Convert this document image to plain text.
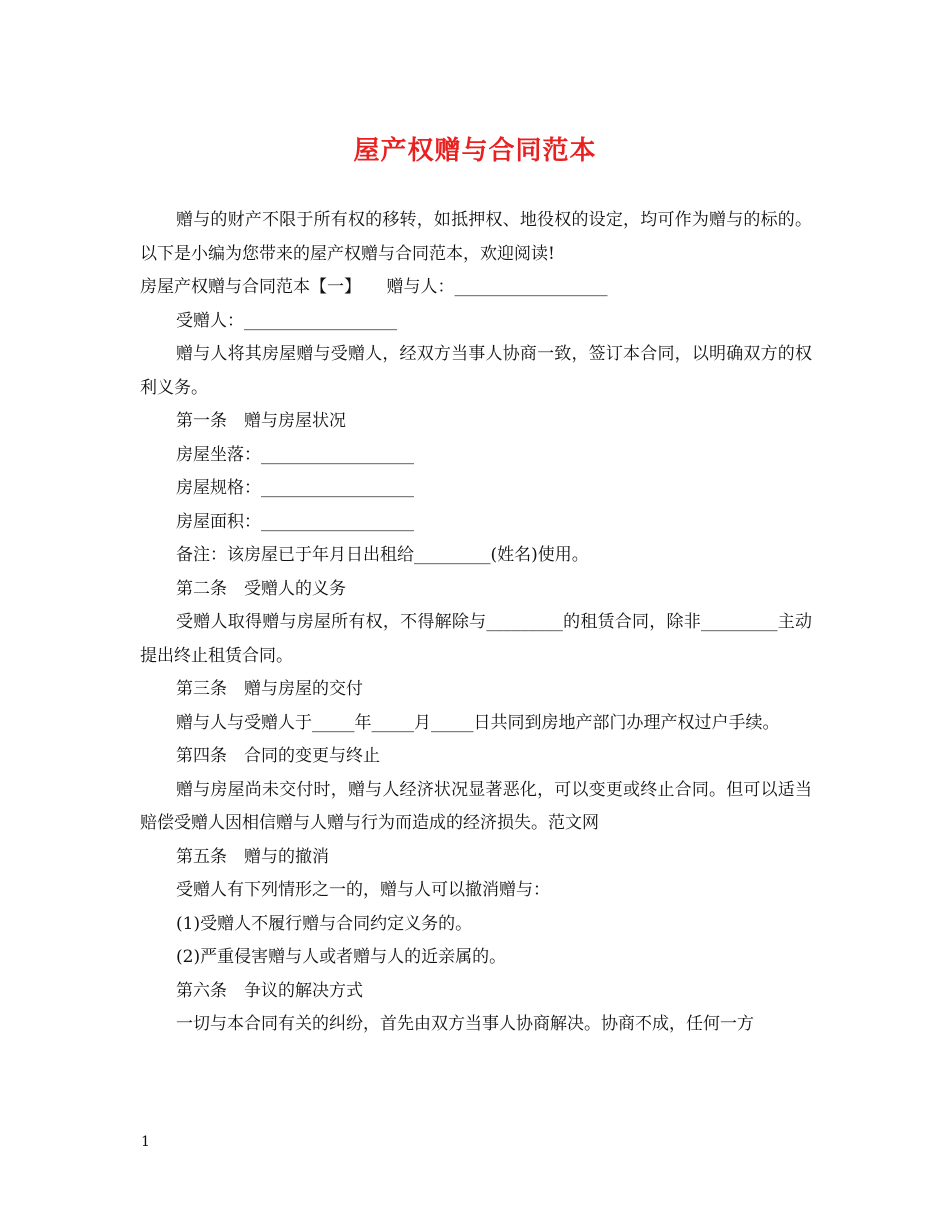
屋产权赠与合同范本

赠与的财产不限于所有权的移转，如抵押权、地役权的设定，均可作为赠与的标的。以下是小编为您带来的屋产权赠与合同范本，欢迎阅读!

房屋产权赠与合同范本【一】　　赠与人：__________________

受赠人：__________________

赠与人将其房屋赠与受赠人，经双方当事人协商一致，签订本合同，以明确双方的权利义务。

第一条　赠与房屋状况

房屋坐落：__________________

房屋规格：__________________

房屋面积：__________________

备注：该房屋已于年月日出租给_________(姓名)使用。

第二条　受赠人的义务

受赠人取得赠与房屋所有权，不得解除与_________的租赁合同，除非_________主动提出终止租赁合同。

第三条　赠与房屋的交付

赠与人与受赠人于_____年_____月_____日共同到房地产部门办理产权过户手续。

第四条　合同的变更与终止

赠与房屋尚未交付时，赠与人经济状况显著恶化，可以变更或终止合同。但可以适当赔偿受赠人因相信赠与人赠与行为而造成的经济损失。范文网

第五条　赠与的撤消

受赠人有下列情形之一的，赠与人可以撤消赠与：

(1)受赠人不履行赠与合同约定义务的。

(2)严重侵害赠与人或者赠与人的近亲属的。

第六条　争议的解决方式

一切与本合同有关的纠纷，首先由双方当事人协商解决。协商不成，任何一方

1
